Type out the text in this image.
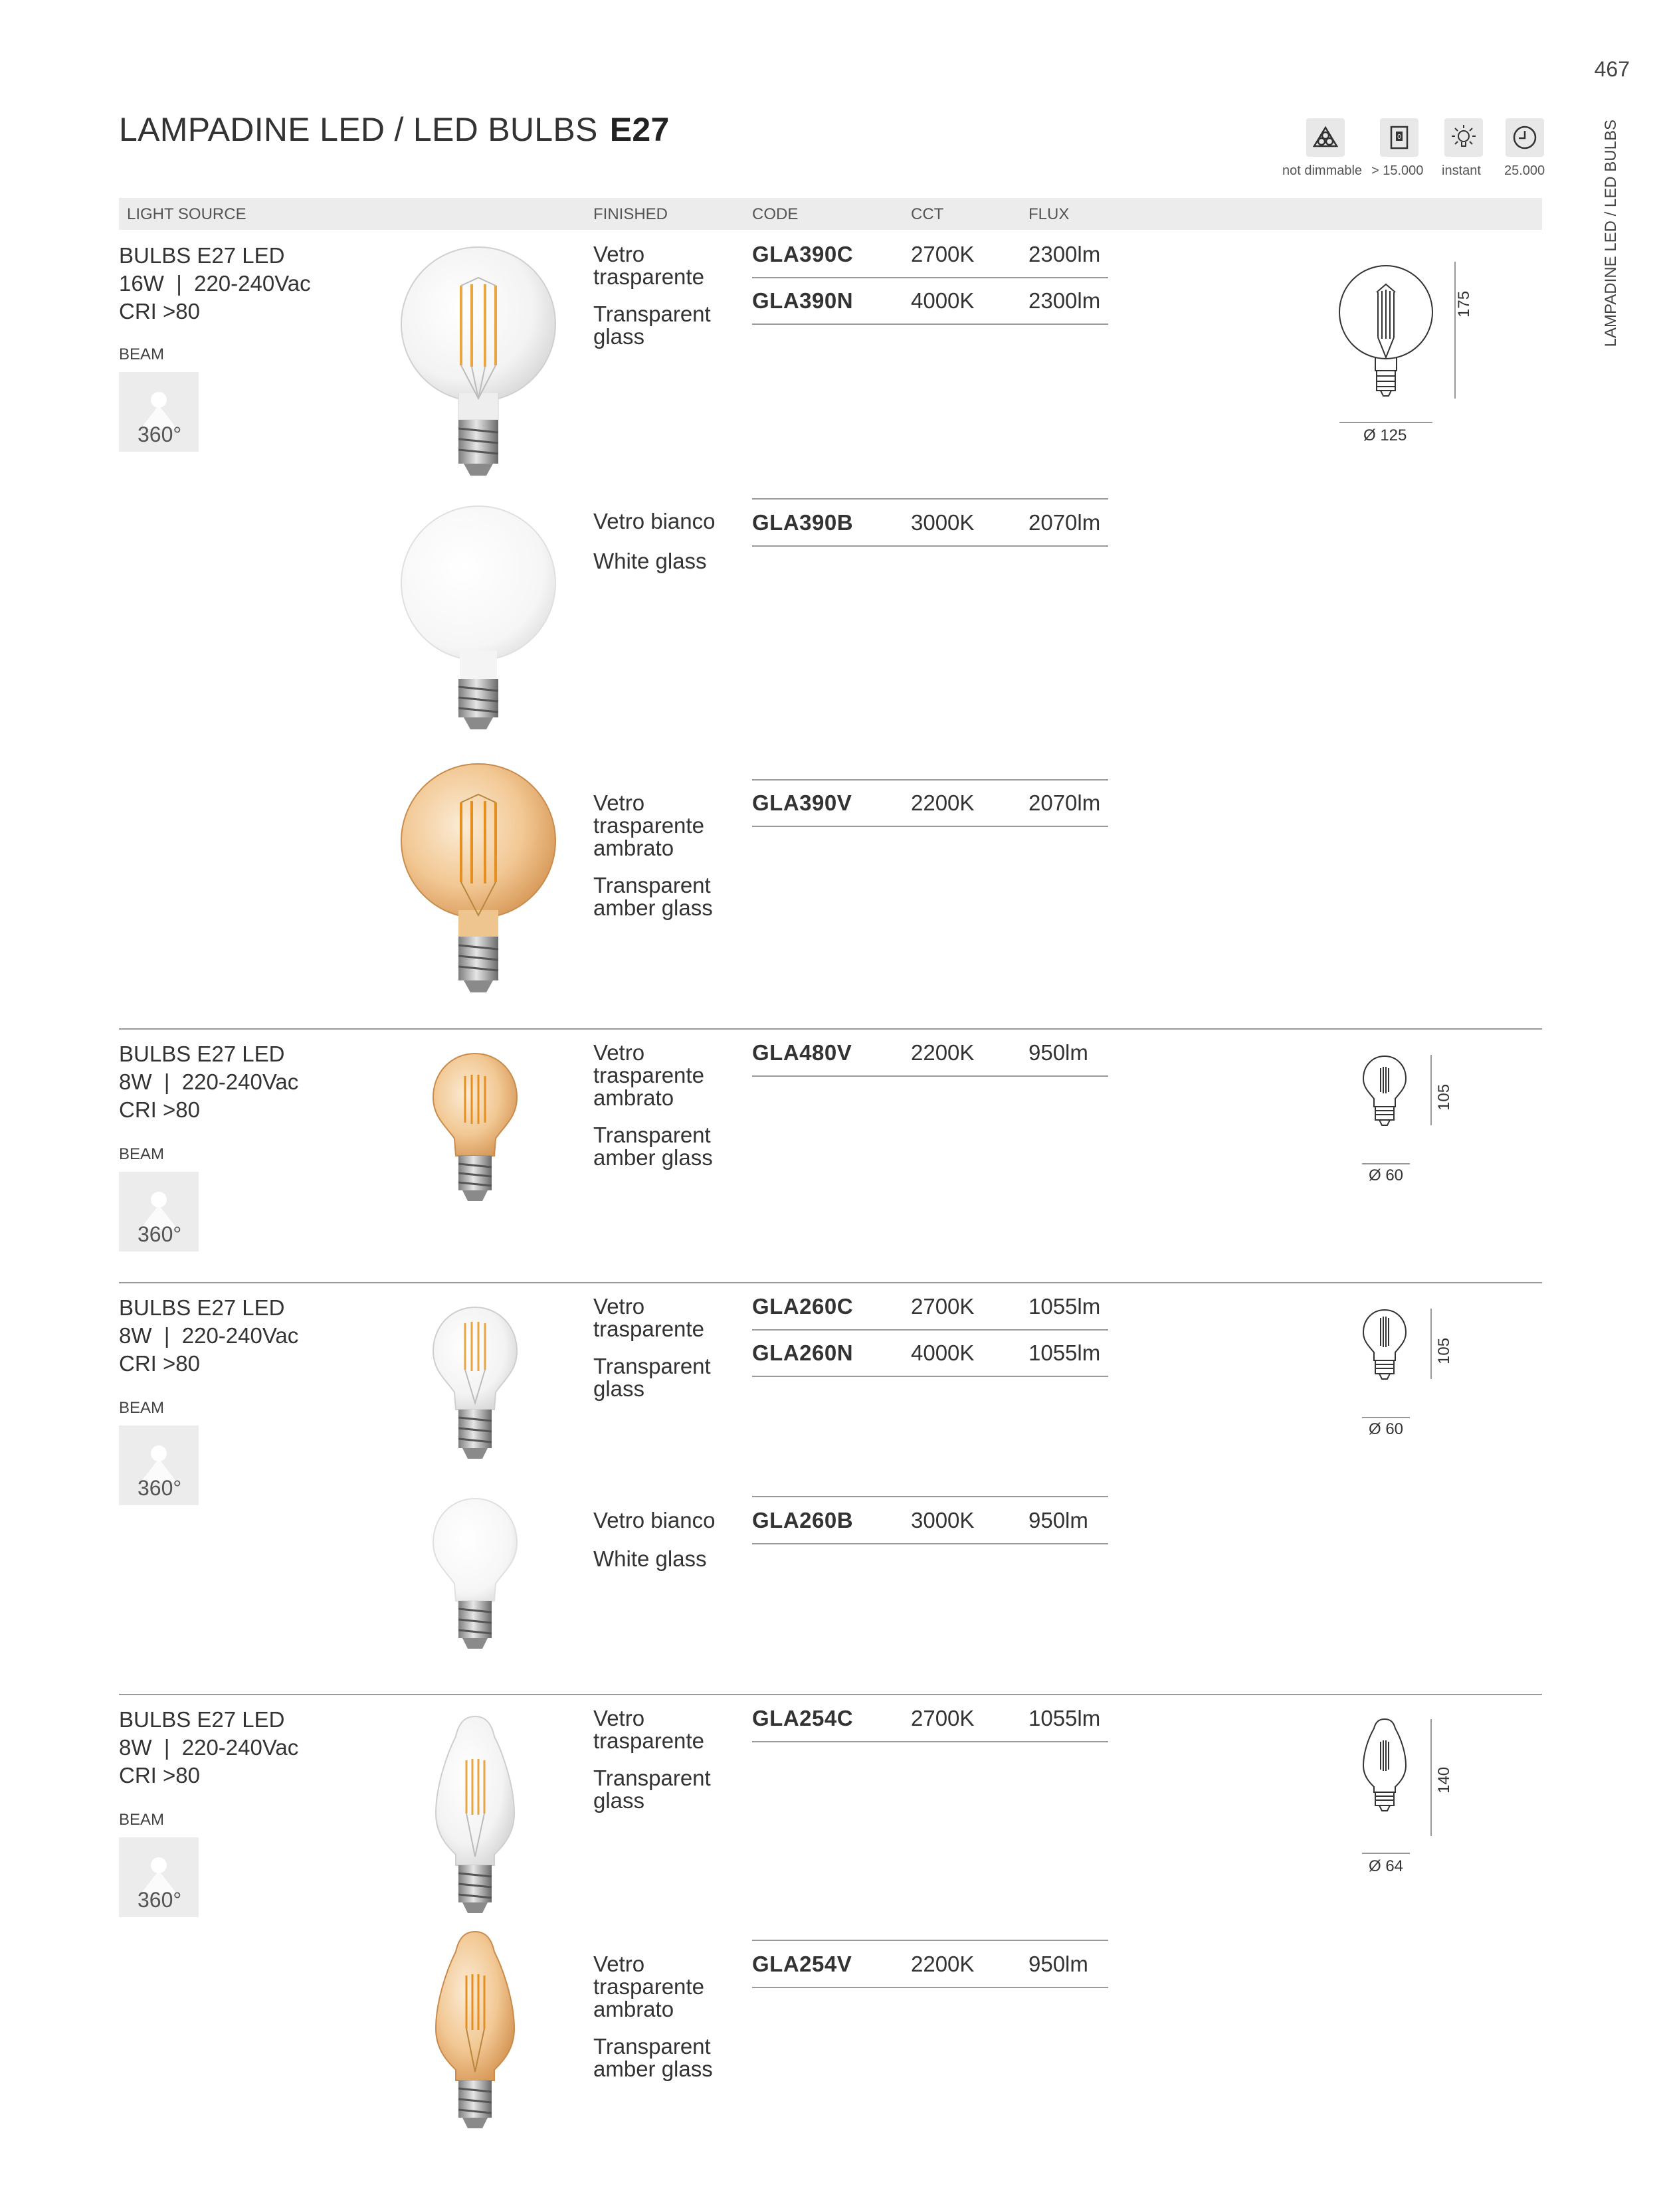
467
LAMPADINE LED / LED BULBS E27	LAMPADINE LED / LED BULBS
0
not dimmable > 15.000 instant 25.000
LIGHT SOURCE	FINISHED	CODE	CCT	FLUX
BULBS E27 LED
16W  |  220-240Vac
CRI >80
BEAM
360°
Vetro
trasparente
Transparent
glass
GLA390C	2700K 2300lm
GLA390N	4000K 2300lm	175
Ø 125
Vetro bianco
White glass
GLA390B	3000K 2070lm
Vetro
trasparente
ambrato
Transparent
amber glass
GLA390V	2200K 2070lm
BULBS E27 LED
8W  |  220-240Vac
CRI >80
BEAM
360°
Vetro
trasparente
ambrato
Transparent
amber glass
GLA480V	2200K 950lm
105
Ø 60
BULBS E27 LED
8W  |  220-240Vac
CRI >80
BEAM
360°
Vetro
trasparente
Transparent
glass
GLA260C	2700K 1055lm
GLA260N	4000K 1055lm	105
Ø 60
Vetro bianco
White glass
GLA260B	3000K 950lm
BULBS E27 LED
8W  |  220-240Vac
CRI >80
BEAM
360°
Vetro
trasparente
Transparent
glass
GLA254C	2700K 1055lm
140
Ø 64
Vetro
trasparente
ambrato
Transparent
amber glass
GLA254V	2200K 950lm
